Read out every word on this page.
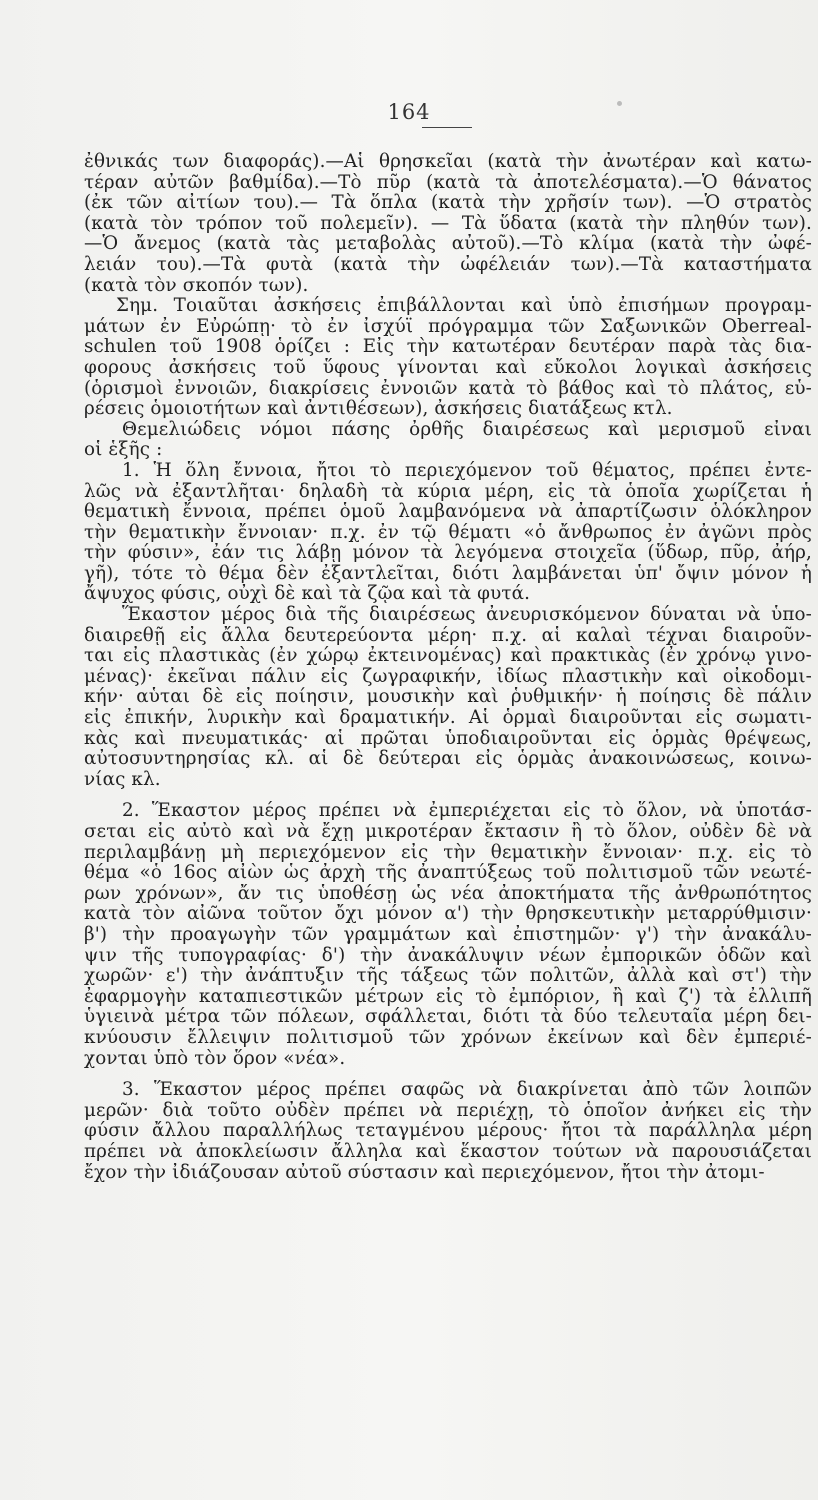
164
ἐθνικάς των διαφοράς).—Αἱ θρησκεῖαι (κατὰ τὴν ἀνωτέραν καὶ κατω-
τέραν αὐτῶν βαθμίδα).—Τὸ πῦρ (κατὰ τὰ ἀποτελέσματα).—Ὁ θάνατος
(ἐκ τῶν αἰτίων του).— Τὰ ὅπλα (κατὰ τὴν χρῆσίν των). —Ὁ στρατὸς
(κατὰ τὸν τρόπον τοῦ πολεμεῖν). — Τὰ ὕδατα (κατὰ τὴν πληθύν των).
—Ὁ ἄνεμος (κατὰ τὰς μεταβολὰς αὐτοῦ).—Τὸ κλίμα (κατὰ τὴν ὠφέ-
λειάν του).—Τὰ φυτὰ (κατὰ τὴν ὠφέλειάν των).—Τὰ καταστήματα
(κατὰ τὸν σκοπόν των).
Σημ. Τοιαῦται ἀσκήσεις ἐπιβάλλονται καὶ ὑπὸ ἐπισήμων προγραμ-
μάτων ἐν Εὐρώπῃ· τὸ ἐν ἰσχύϊ πρόγραμμα τῶν Σαξωνικῶν Oberreal-
schulen τοῦ 1908 ὁρίζει : Εἰς τὴν κατωτέραν δευτέραν παρὰ τὰς δια-
φορους ἀσκήσεις τοῦ ὕφους γίνονται καὶ εὔκολοι λογικαὶ ἀσκήσεις
(ὁρισμοὶ ἐννοιῶν, διακρίσεις ἐννοιῶν κατὰ τὸ βάθος καὶ τὸ πλάτος, εὑ-
ρέσεις ὁμοιοτήτων καὶ ἀντιθέσεων), ἀσκήσεις διατάξεως κτλ.
Θεμελιώδεις νόμοι πάσης ὀρθῆς διαιρέσεως καὶ μερισμοῦ εἶναι
οἱ ἑξῆς :
1. Ἡ ὅλη ἔννοια, ἤτοι τὸ περιεχόμενον τοῦ θέματος, πρέπει ἐντε-
λῶς νὰ ἐξαντλῆται· δηλαδὴ τὰ κύρια μέρη, εἰς τὰ ὁποῖα χωρίζεται ἡ
θεματικὴ ἔννοια, πρέπει ὁμοῦ λαμβανόμενα νὰ ἀπαρτίζωσιν ὁλόκληρον
τὴν θεματικὴν ἔννοιαν· π.χ. ἐν τῷ θέματι «ὁ ἄνθρωπος ἐν ἀγῶνι πρὸς
τὴν φύσιν», ἐάν τις λάβῃ μόνον τὰ λεγόμενα στοιχεῖα (ὕδωρ, πῦρ, ἀήρ,
γῆ), τότε τὸ θέμα δὲν ἐξαντλεῖται, διότι λαμβάνεται ὑπ' ὄψιν μόνον ἡ
ἄψυχος φύσις, οὐχὶ δὲ καὶ τὰ ζῷα καὶ τὰ φυτά.
Ἕκαστον μέρος διὰ τῆς διαιρέσεως ἀνευρισκόμενον δύναται νὰ ὑπο-
διαιρεθῇ εἰς ἄλλα δευτερεύοντα μέρη· π.χ. αἱ καλαὶ τέχναι διαιροῦν-
ται εἰς πλαστικὰς (ἐν χώρῳ ἐκτεινομένας) καὶ πρακτικὰς (ἐν χρόνῳ γινο-
μένας)· ἐκεῖναι πάλιν εἰς ζωγραφικήν, ἰδίως πλαστικὴν καὶ οἰκοδομι-
κήν· αὗται δὲ εἰς ποίησιν, μουσικὴν καὶ ῥυθμικήν· ἡ ποίησις δὲ πάλιν
εἰς ἐπικήν, λυρικὴν καὶ δραματικήν. Αἱ ὁρμαὶ διαιροῦνται εἰς σωματι-
κὰς καὶ πνευματικάς· αἱ πρῶται ὑποδιαιροῦνται εἰς ὁρμὰς θρέψεως,
αὐτοσυντηρησίας κλ. αἱ δὲ δεύτεραι εἰς ὁρμὰς ἀνακοινώσεως, κοινω-
νίας κλ.
2. Ἕκαστον μέρος πρέπει νὰ ἐμπεριέχεται εἰς τὸ ὅλον, νὰ ὑποτάσ-
σεται εἰς αὐτὸ καὶ νὰ ἔχῃ μικροτέραν ἔκτασιν ἢ τὸ ὅλον, οὐδὲν δὲ νὰ
περιλαμβάνῃ μὴ περιεχόμενον εἰς τὴν θεματικὴν ἔννοιαν· π.χ. εἰς τὸ
θέμα «ὁ 16ος αἰὼν ὡς ἀρχὴ τῆς ἀναπτύξεως τοῦ πολιτισμοῦ τῶν νεωτέ-
ρων χρόνων», ἄν τις ὑποθέσῃ ὡς νέα ἀποκτήματα τῆς ἀνθρωπότητος
κατὰ τὸν αἰῶνα τοῦτον ὄχι μόνον α') τὴν θρησκευτικὴν μεταρρύθμισιν·
β') τὴν προαγωγὴν τῶν γραμμάτων καὶ ἐπιστημῶν· γ') τὴν ἀνακάλυ-
ψιν τῆς τυπογραφίας· δ') τὴν ἀνακάλυψιν νέων ἐμπορικῶν ὁδῶν καὶ
χωρῶν· ε') τὴν ἀνάπτυξιν τῆς τάξεως τῶν πολιτῶν, ἀλλὰ καὶ στ') τὴν
ἐφαρμογὴν καταπιεστικῶν μέτρων εἰς τὸ ἐμπόριον, ἢ καὶ ζ') τὰ ἐλλιπῆ
ὑγιεινὰ μέτρα τῶν πόλεων, σφάλλεται, διότι τὰ δύο τελευταῖα μέρη δει-
κνύουσιν ἔλλειψιν πολιτισμοῦ τῶν χρόνων ἐκείνων καὶ δὲν ἐμπεριέ-
χονται ὑπὸ τὸν ὅρον «νέα».
3. Ἕκαστον μέρος πρέπει σαφῶς νὰ διακρίνεται ἀπὸ τῶν λοιπῶν
μερῶν· διὰ τοῦτο οὐδὲν πρέπει νὰ περιέχῃ, τὸ ὁποῖον ἀνήκει εἰς τὴν
φύσιν ἄλλου παραλλήλως τεταγμένου μέρους· ἤτοι τὰ παράλληλα μέρη
πρέπει νὰ ἀποκλείωσιν ἄλληλα καὶ ἕκαστον τούτων νὰ παρουσιάζεται
ἔχον τὴν ἰδιάζουσαν αὐτοῦ σύστασιν καὶ περιεχόμενον, ἤτοι τὴν ἀτομι-
